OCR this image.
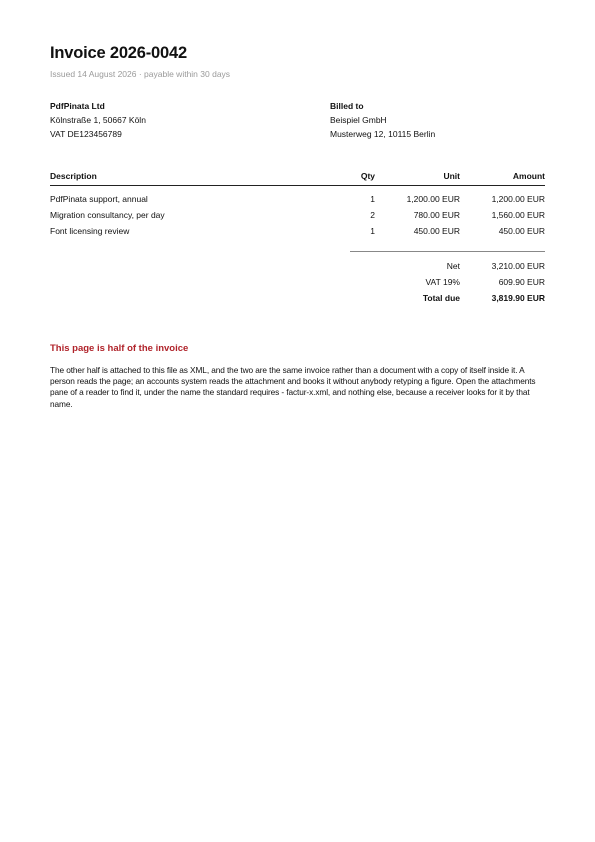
Invoice 2026-0042
Issued 14 August 2026 · payable within 30 days
PdfPinata Ltd
Kölnstraße 1, 50667 Köln
VAT DE123456789
Billed to
Beispiel GmbH
Musterweg 12, 10115 Berlin
Description	Qty	Unit	Amount
PdfPinata support, annual	1	1,200.00 EUR	1,200.00 EUR
Migration consultancy, per day	2	780.00 EUR	1,560.00 EUR
Font licensing review	1	450.00 EUR	450.00 EUR
Net	3,210.00 EUR
VAT 19%	609.90 EUR
Total due	3,819.90 EUR
This page is half of the invoice
The other half is attached to this file as XML, and the two are the same invoice rather than a document with a copy of itself inside it. A person reads the page; an accounts system reads the attachment and books it without anybody retyping a figure. Open the attachments pane of a reader to find it, under the name the standard requires - factur-x.xml, and nothing else, because a receiver looks for it by that name.
